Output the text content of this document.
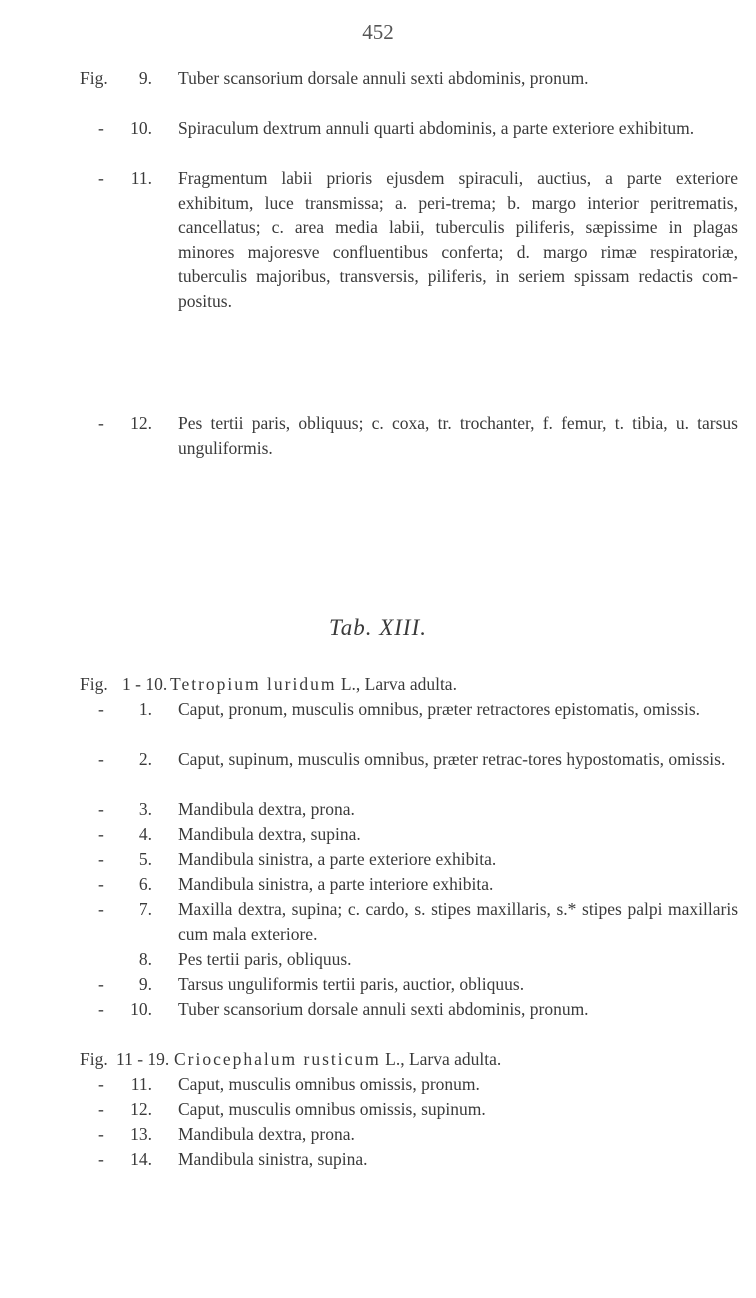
452
Fig.	9. Tuber scansorium dorsale annuli sexti abdominis, pronum.
-	10. Spiraculum dextrum annuli quarti abdominis, a parte exteriore exhibitum.
-	11. Fragmentum labii prioris ejusdem spiraculi, auctius, a parte exteriore exhibitum, luce transmissa; a. peri-trema; b. margo interior peritrematis, cancellatus; c. area media labii, tuberculis piliferis, sæpissime in plagas minores majoresve confluentibus conferta; d. margo rimæ respiratoriæ, tuberculis majoribus, transversis, piliferis, in seriem spissam redactis com-positus.
-	12. Pes tertii paris, obliquus; c. coxa, tr. trochanter, f. femur, t. tibia, u. tarsus unguliformis.
Tab. XIII.
Fig. 1 - 10. Tetropium luridum L., Larva adulta.
-	1. Caput, pronum, musculis omnibus, præter retractores epistomatis, omissis.
-	2. Caput, supinum, musculis omnibus, præter retrac-tores hypostomatis, omissis.
-	3. Mandibula dextra, prona.
-	4. Mandibula dextra, supina.
-	5. Mandibula sinistra, a parte exteriore exhibita.
-	6. Mandibula sinistra, a parte interiore exhibita.
-	7. Maxilla dextra, supina; c. cardo, s. stipes maxillaris, s.* stipes palpi maxillaris cum mala exteriore.
8. Pes tertii paris, obliquus.
-	9. Tarsus unguliformis tertii paris, auctior, obliquus.
-	10. Tuber scansorium dorsale annuli sexti abdominis, pronum.
Fig. 11 - 19. Criocephalum rusticum L., Larva adulta.
-	11. Caput, musculis omnibus omissis, pronum.
-	12. Caput, musculis omnibus omissis, supinum.
-	13. Mandibula dextra, prona.
-	14. Mandibula sinistra, supina.
